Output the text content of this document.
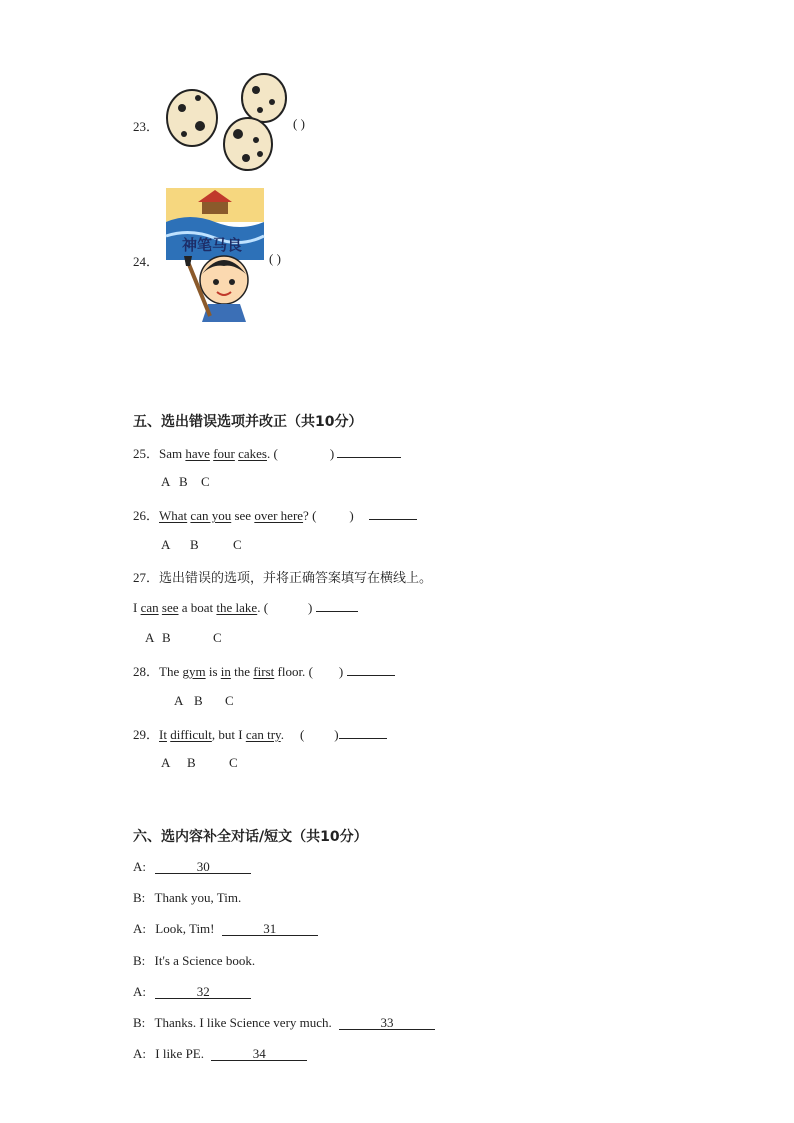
23．	( )
24．
神笔马良
( )
五、选出错误选项并改正（共10分）
25．Sam have four cakes. (	)
A B C
26．What can you see over here? (	)
A B	C
27．选出错误的选项，并将正确答案填写在横线上。
I can see a boat the lake. (	)
A B	C
28．The gym is in the first floor. ( )
A B C
29．It difficult, but I can try. ( )
A B	C
六、选内容补全对话/短文（共10分）
A:	30
B: Thank you, Tim.
A: Look, Tim!	31
B: It's a Science book.
A:	32
B: Thanks. I like Science very much.	33
A: I like PE.	34
